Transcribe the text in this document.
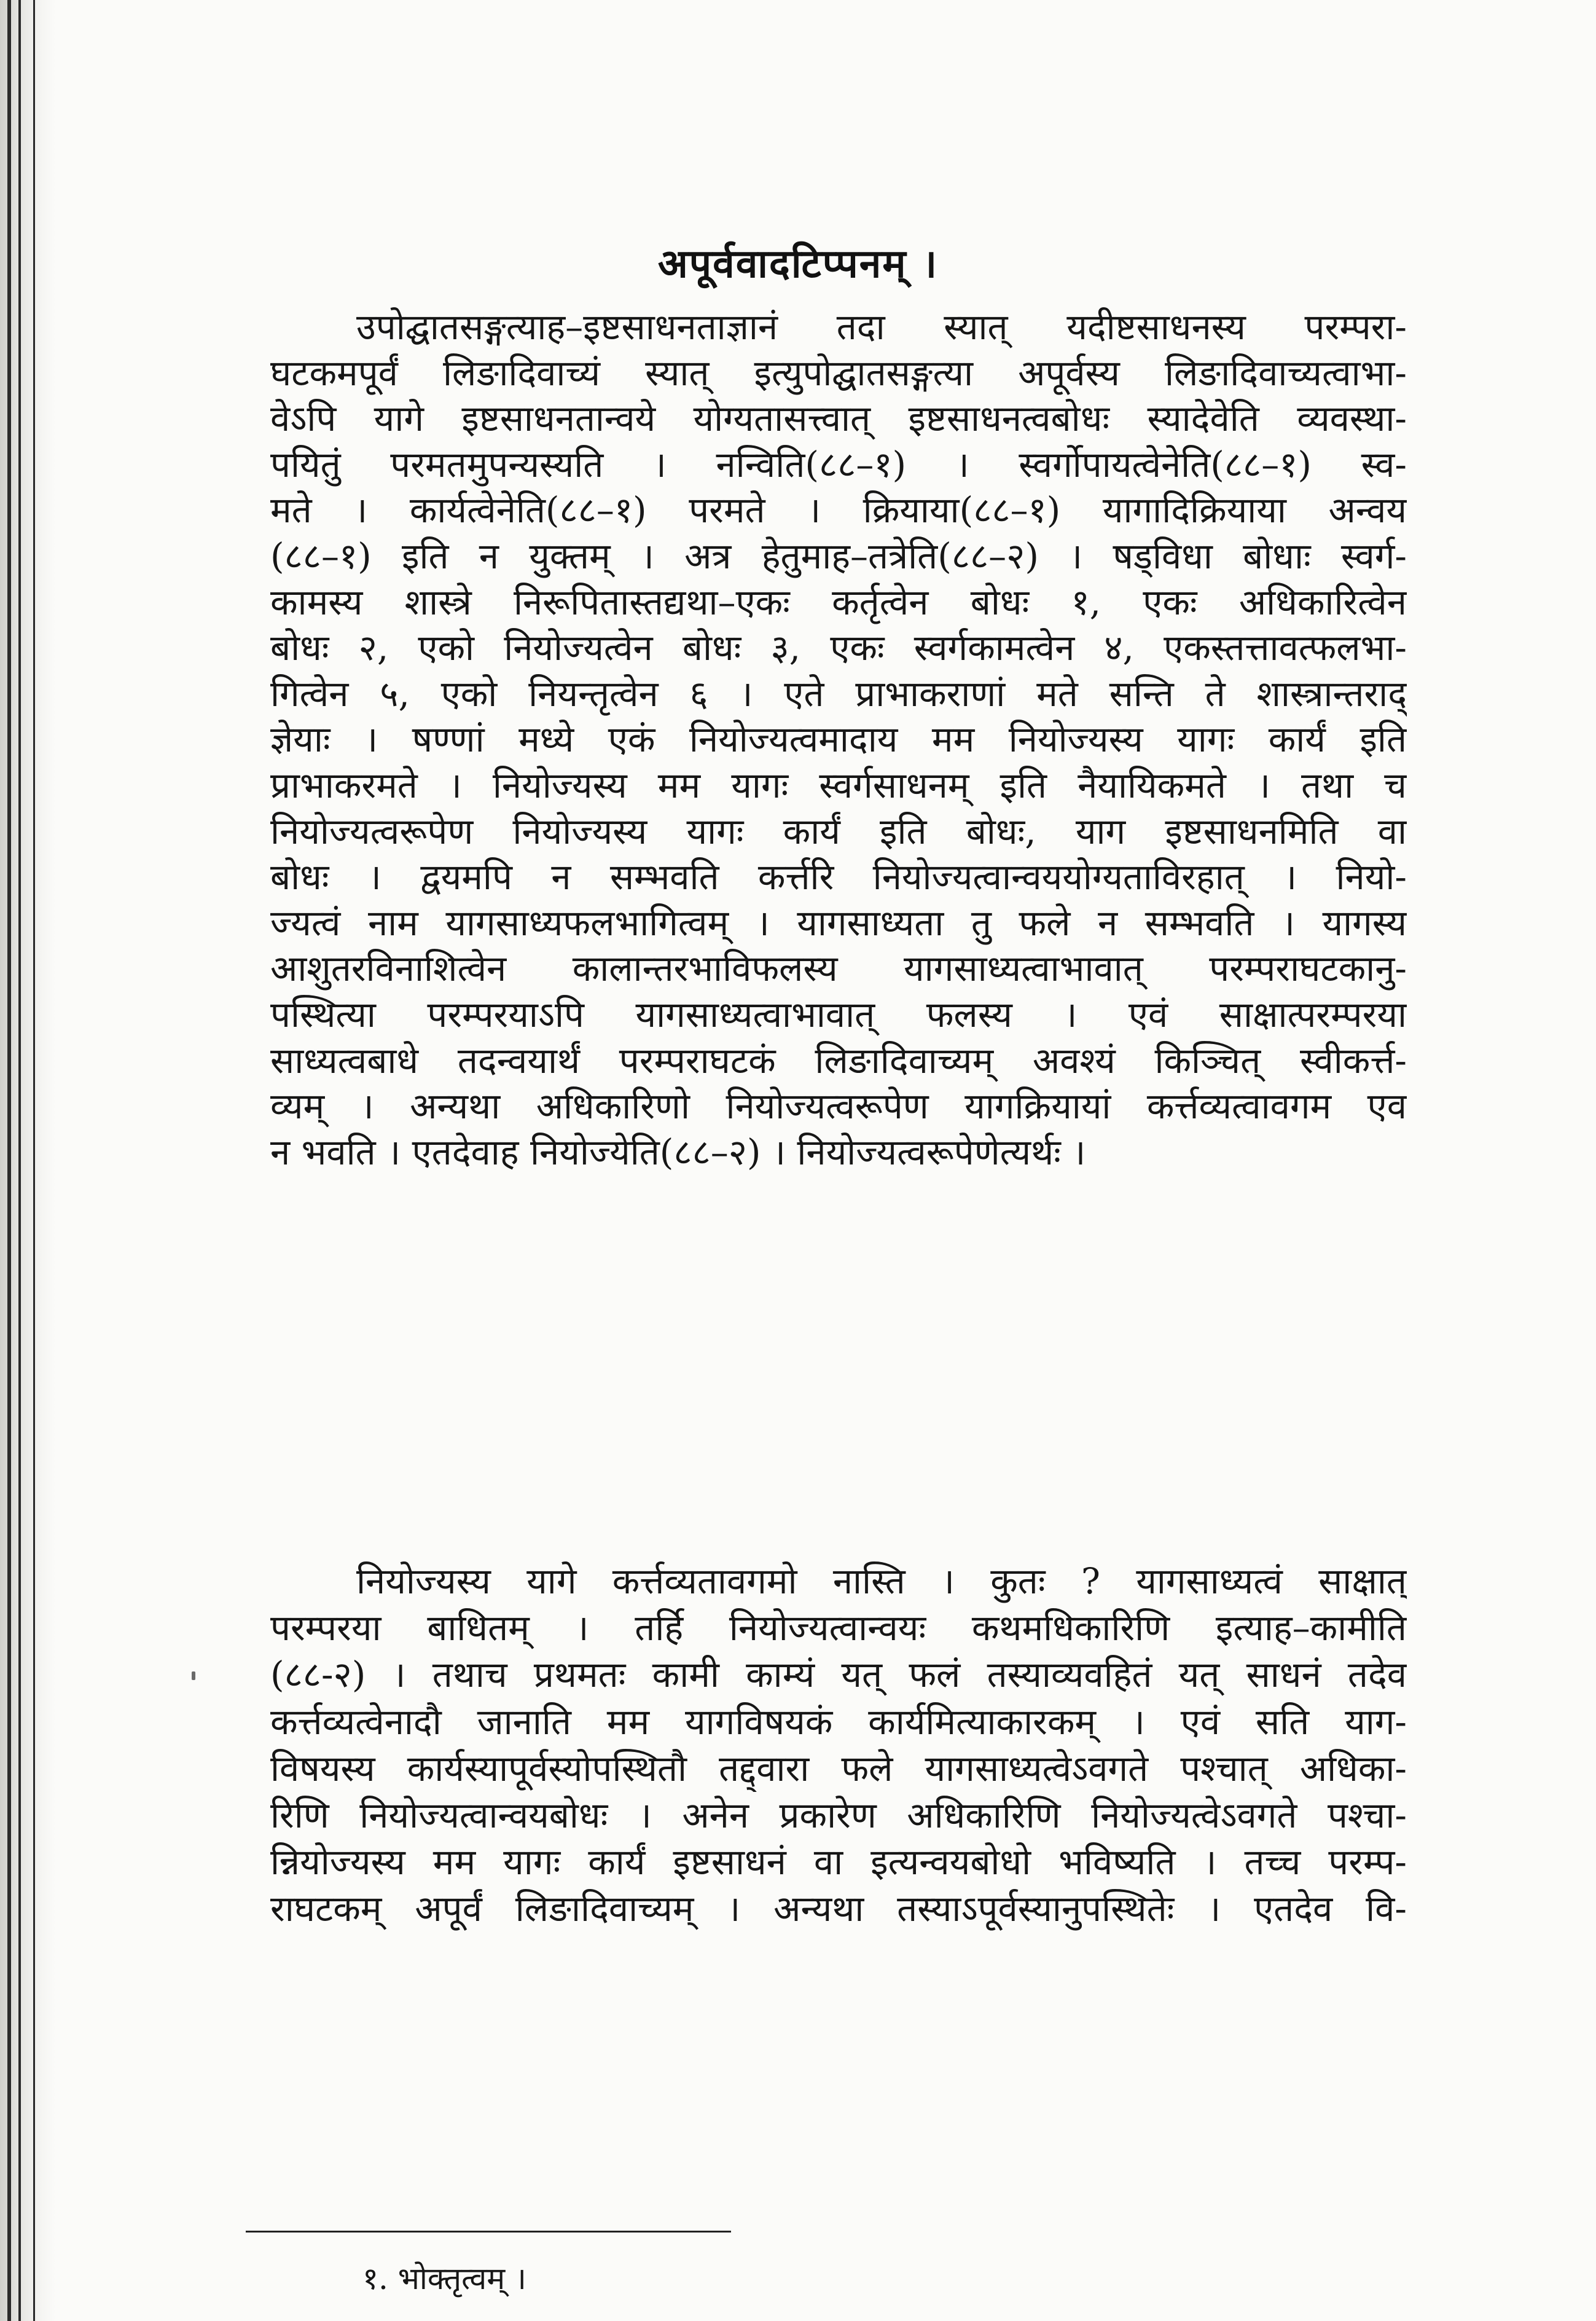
अपूर्ववादटिप्पनम् ।
उपोद्घातसङ्गत्याह–इष्टसाधनताज्ञानं तदा स्यात् यदीष्टसाधनस्य परम्परा-
घटकमपूर्वं लिङादिवाच्यं स्यात् इत्युपोद्घातसङ्गत्या अपूर्वस्य लिङादिवाच्यत्वाभा-
वेऽपि यागे इष्टसाधनतान्वये योग्यतासत्त्वात् इष्टसाधनत्वबोधः स्यादेवेति व्यवस्था-
पयितुं परमतमुपन्यस्यति । नन्विति(८८–१) । स्वर्गोपायत्वेनेति(८८–१) स्व-
मते । कार्यत्वेनेति(८८–१) परमते । क्रियाया(८८–१) यागादिक्रियाया अन्वय
(८८–१) इति न युक्तम् । अत्र हेतुमाह–तत्रेति(८८–२) । षड्विधा बोधाः स्वर्ग-
कामस्य शास्त्रे निरूपितास्तद्यथा–एकः कर्तृत्वेन बोधः १, एकः अधिकारित्वेन
बोधः २, एको नियोज्यत्वेन बोधः ३, एकः स्वर्गकामत्वेन ४, एकस्तत्तावत्फलभा-
गित्वेन ५, एको नियन्तृत्वेन ६ । एते प्राभाकराणां मते सन्ति ते शास्त्रान्तराद्
ज्ञेयाः । षण्णां मध्ये एकं नियोज्यत्वमादाय मम नियोज्यस्य यागः कार्यं इति
प्राभाकरमते । नियोज्यस्य मम यागः स्वर्गसाधनम् इति नैयायिकमते । तथा च
नियोज्यत्वरूपेण नियोज्यस्य यागः कार्यं इति बोधः, याग इष्टसाधनमिति वा
बोधः । द्वयमपि न सम्भवति कर्त्तरि नियोज्यत्वान्वययोग्यताविरहात् । नियो-
ज्यत्वं नाम यागसाध्यफलभागित्वम् । यागसाध्यता तु फले न सम्भवति । यागस्य
आशुतरविनाशित्वेन कालान्तरभाविफलस्य यागसाध्यत्वाभावात् परम्पराघटकानु-
पस्थित्या परम्परयाऽपि यागसाध्यत्वाभावात् फलस्य । एवं साक्षात्परम्परया
साध्यत्वबाधे तदन्वयार्थं परम्पराघटकं लिङादिवाच्यम् अवश्यं किञ्चित् स्वीकर्त्त-
व्यम् । अन्यथा अधिकारिणो नियोज्यत्वरूपेण यागक्रियायां कर्त्तव्यत्वावगम एव
न भवति । एतदेवाह नियोज्येति(८८–२) । नियोज्यत्वरूपेणेत्यर्थः ।
नियोज्यस्य यागे कर्त्तव्यतावगमो नास्ति । कुतः ? यागसाध्यत्वं साक्षात्
परम्परया बाधितम् । तर्हि नियोज्यत्वान्वयः कथमधिकारिणि इत्याह–कामीति
(८८-२) । तथाच प्रथमतः कामी काम्यं यत् फलं तस्याव्यवहितं यत् साधनं तदेव
कर्त्तव्यत्वेनादौ जानाति मम यागविषयकं कार्यमित्याकारकम् । एवं सति याग-
विषयस्य कार्यस्यापूर्वस्योपस्थितौ तद्द्वारा फले यागसाध्यत्वेऽवगते पश्चात् अधिका-
रिणि नियोज्यत्वान्वयबोधः । अनेन प्रकारेण अधिकारिणि नियोज्यत्वेऽवगते पश्चा-
न्नियोज्यस्य मम यागः कार्यं इष्टसाधनं वा इत्यन्वयबोधो भविष्यति । तच्च परम्प-
राघटकम् अपूर्वं लिङादिवाच्यम् । अन्यथा तस्याऽपूर्वस्यानुपस्थितेः । एतदेव वि-
१. भोक्तृत्वम् ।
